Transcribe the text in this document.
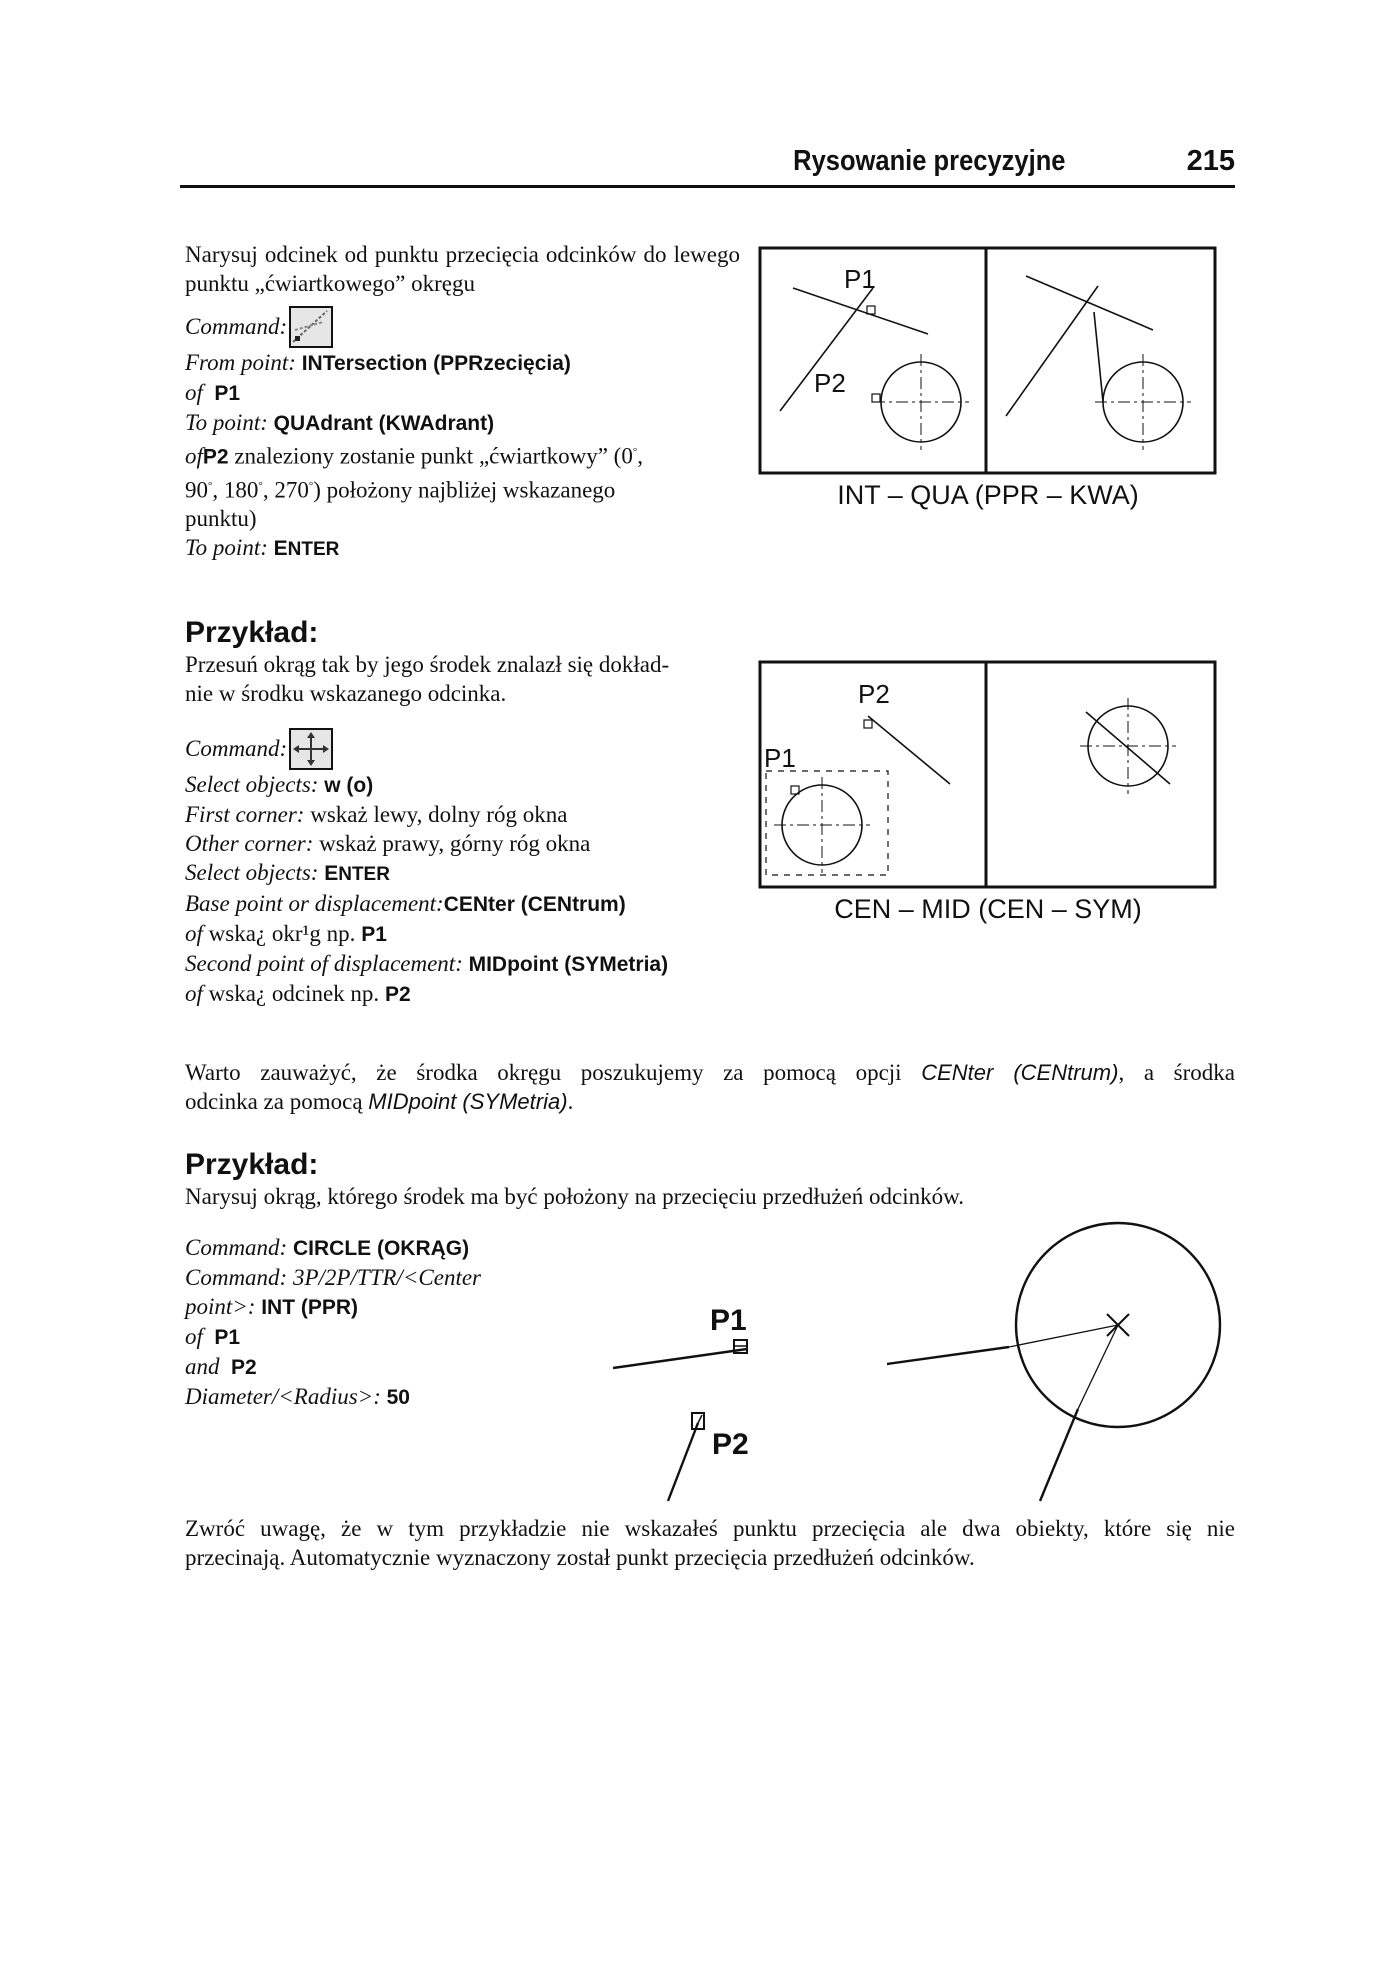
Rysowanie precyzyjne	215
Narysuj odcinek od punktu przecięcia odcinków do lewego punktu „ćwiartkowego” okręgu
Command:
From point: INTersection (PPRzecięcia)
of P1
To point: QUAdrant (KWAdrant)
ofP2 znaleziony zostanie punkt „ćwiartkowy” (0°,
90°, 180°, 270°) położony najbliżej wskazanego
punktu)
To point: ENTER
P1
P2
INT – QUA (PPR – KWA)
Przykład:
Przesuń okrąg tak by jego środek znalazł się dokład-
nie w środku wskazanego odcinka.
Command:
Select objects: w (o)
First corner: wskaż lewy, dolny róg okna
Other corner: wskaż prawy, górny róg okna
Select objects: ENTER
Base point or displacement:CENter (CENtrum)
of wska¿ okr¹g np. P1
Second point of displacement: MIDpoint (SYMetria)
of wska¿ odcinek np. P2
P2
P1
CEN – MID (CEN – SYM)
Warto zauważyć, że środka okręgu poszukujemy za pomocą opcji CENter (CENtrum), a środka
odcinka za pomocą MIDpoint (SYMetria).
Przykład:
Narysuj okrąg, którego środek ma być położony na przecięciu przedłużeń odcinków.
Command: CIRCLE (OKRĄG)
Command: 3P/2P/TTR/<Center
point>: INT (PPR)
of P1
and P2
Diameter/<Radius>: 50
P1
P2
Zwróć uwagę, że w tym przykładzie nie wskazałeś punktu przecięcia ale dwa obiekty, które się nie
przecinają. Automatycznie wyznaczony został punkt przecięcia przedłużeń odcinków.
